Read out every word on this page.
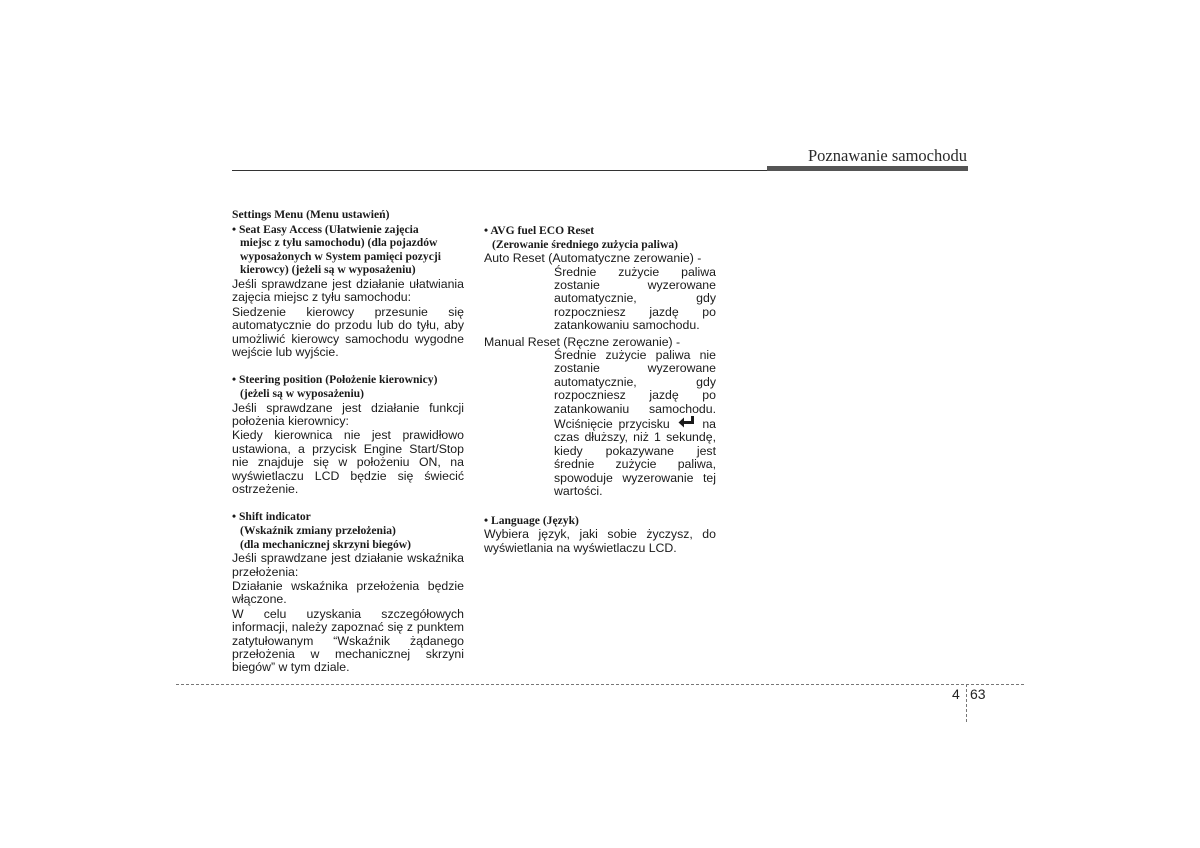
Poznawanie samochodu
Settings Menu (Menu ustawień)
• Seat Easy Access (Ułatwienie zajęcia
miejsc z tyłu samochodu) (dla pojazdów
wyposażonych w System pamięci pozycji
kierowcy) (jeżeli są w wyposażeniu)

Jeśli sprawdzane jest działanie ułatwiania zajęcia miejsc z tyłu samochodu:

Siedzenie kierowcy przesunie się automatycznie do przodu lub do tyłu, aby umożliwić kierowcy samochodu wygodne wejście lub wyjście.

• Steering position (Położenie kierownicy)
(jeżeli są w wyposażeniu)

Jeśli sprawdzane jest działanie funkcji położenia kierownicy:

Kiedy kierownica nie jest prawidłowo ustawiona, a przycisk Engine Start/Stop nie znajduje się w położeniu ON, na wyświetlaczu LCD będzie się świecić ostrzeżenie.

• Shift indicator
(Wskaźnik zmiany przełożenia)
(dla mechanicznej skrzyni biegów)

Jeśli sprawdzane jest działanie wskaźnika przełożenia:

Działanie wskaźnika przełożenia będzie włączone.

W celu uzyskania szczegółowych informacji, należy zapoznać się z punktem zatytułowanym “Wskaźnik żądanego przełożenia w mechanicznej skrzyni biegów” w tym dziale.

• AVG fuel ECO Reset
(Zerowanie średniego zużycia paliwa)
Auto Reset (Automatyczne zerowanie) -
Średnie zużycie paliwa
zostanie wyzerowane
automatycznie, gdy
rozpoczniesz jazdę po
zatankowaniu samochodu.
Manual Reset (Ręczne zerowanie) -
Średnie zużycie paliwa nie
zostanie wyzerowane
automatycznie, gdy
rozpoczniesz jazdę po
zatankowaniu samochodu.
Wciśnięcie przycisku	na
czas dłuższy, niż 1 sekundę,
kiedy pokazywane jest
średnie zużycie paliwa,
spowoduje wyzerowanie tej
wartości.
• Language (Język)

Wybiera język, jaki sobie życzysz, do wyświetlania na wyświetlaczu LCD.

4 63
